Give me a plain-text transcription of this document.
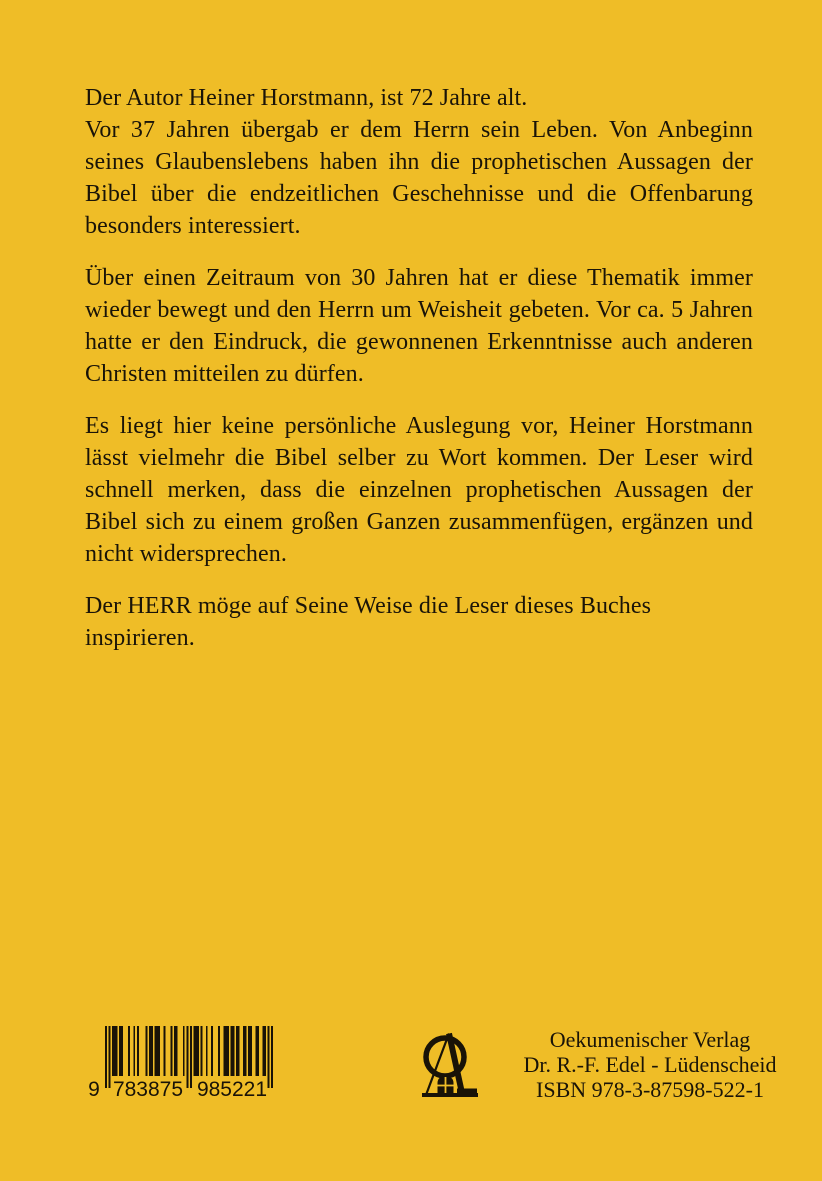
Der Autor Heiner Horstmann, ist 72 Jahre alt.

Vor 37 Jahren übergab er dem Herrn sein Leben. Von Anbeginn seines Glaubenslebens haben ihn die prophetischen Aussagen der Bibel über die endzeitlichen Geschehnisse und die Offenbarung besonders interessiert.

Über einen Zeitraum von 30 Jahren hat er diese Thematik immer wieder bewegt und den Herrn um Weisheit gebeten. Vor ca. 5 Jahren hatte er den Eindruck, die gewonnenen Erkenntnisse auch anderen Christen mitteilen zu dürfen.

Es liegt hier keine persönliche Auslegung vor, Heiner Horstmann lässt vielmehr die Bibel selber zu Wort kommen. Der Leser wird schnell merken, dass die einzelnen prophetischen Aussagen der Bibel sich zu einem großen Ganzen zusammenfügen, ergänzen und nicht widersprechen.

Der HERR möge auf Seine Weise die Leser dieses Buches inspirieren.

9 783875 985221
Oekumenischer Verlag
Dr. R.-F. Edel - Lüdenscheid
ISBN 978-3-87598-522-1
